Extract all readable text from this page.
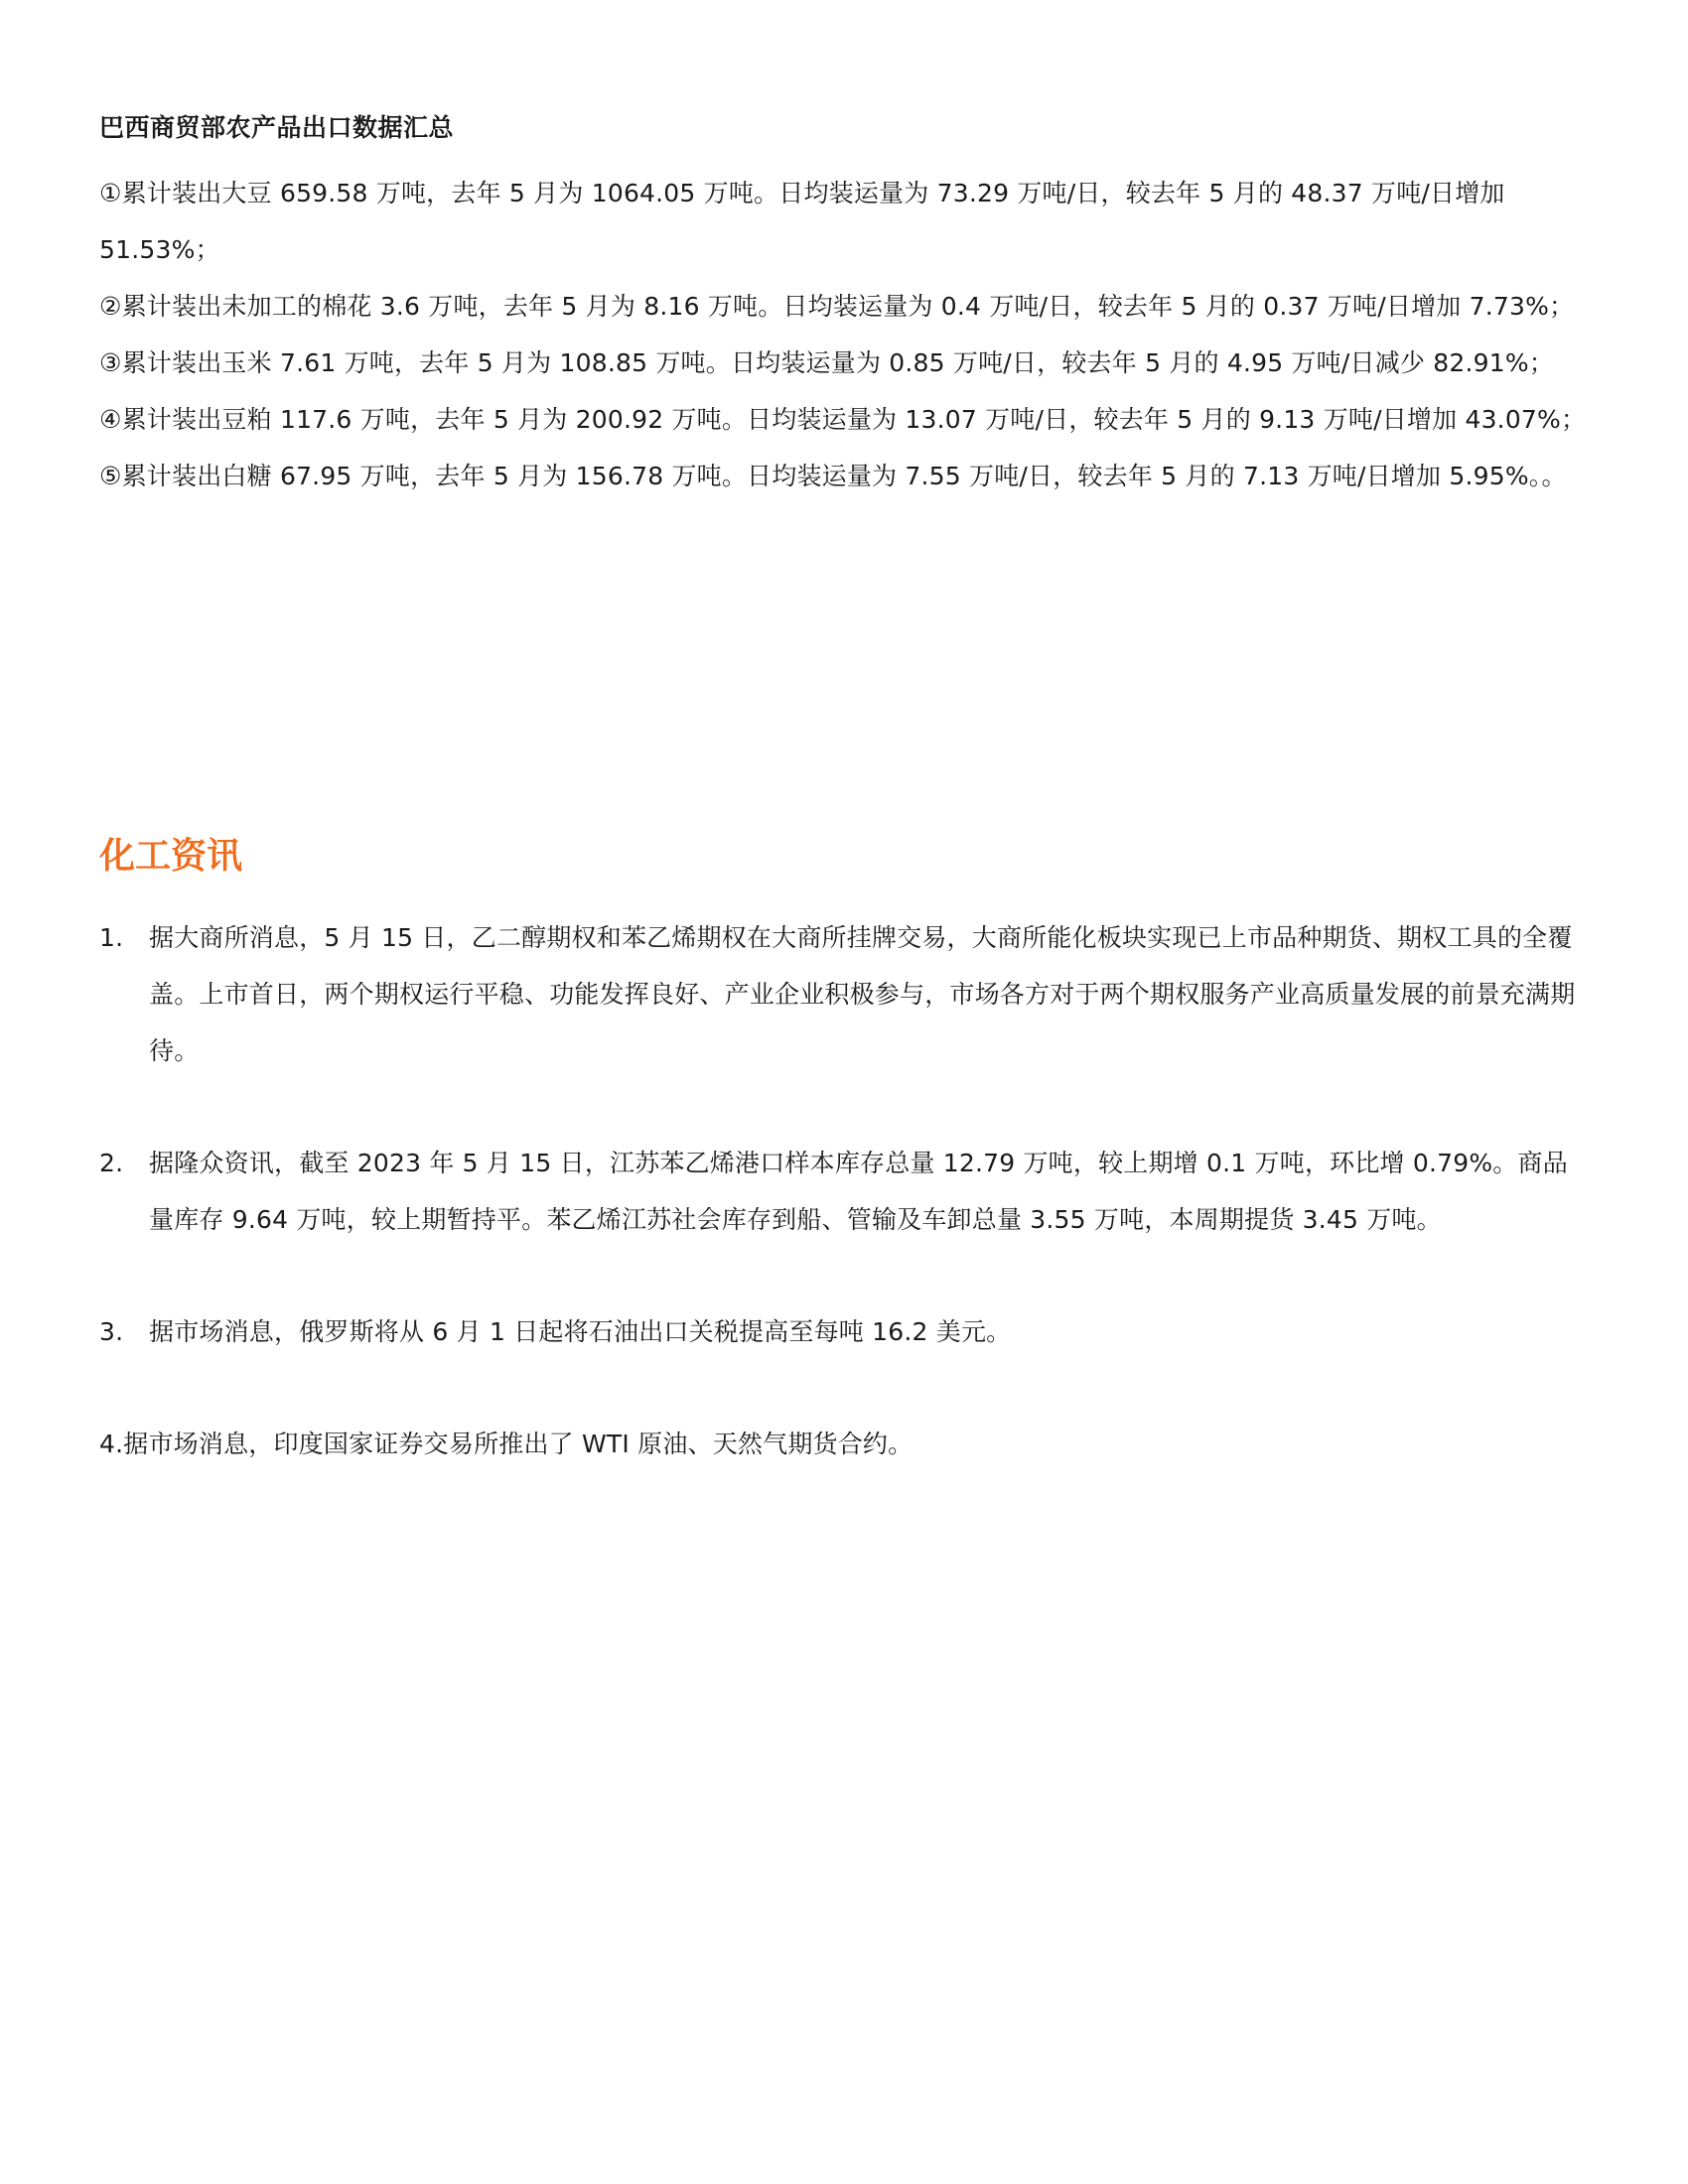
巴西商贸部农产品出口数据汇总

①累计装出大豆 659.58 万吨，去年 5 月为 1064.05 万吨。日均装运量为 73.29 万吨/日，较去年 5 月的 48.37 万吨/日增加 51.53%；

②累计装出未加工的棉花 3.6 万吨，去年 5 月为 8.16 万吨。日均装运量为 0.4 万吨/日，较去年 5 月的 0.37 万吨/日增加 7.73%；

③累计装出玉米 7.61 万吨，去年 5 月为 108.85 万吨。日均装运量为 0.85 万吨/日，较去年 5 月的 4.95 万吨/日减少 82.91%；

④累计装出豆粕 117.6 万吨，去年 5 月为 200.92 万吨。日均装运量为 13.07 万吨/日，较去年 5 月的 9.13 万吨/日增加 43.07%；

⑤累计装出白糖 67.95 万吨，去年 5 月为 156.78 万吨。日均装运量为 7.55 万吨/日，较去年 5 月的 7.13 万吨/日增加 5.95%。。

化工资讯
1.	据大商所消息，5 月 15 日，乙二醇期权和苯乙烯期权在大商所挂牌交易，大商所能化板块实现已上市品种期货、期权工具的全覆盖。上市首日，两个期权运行平稳、功能发挥良好、产业企业积极参与，市场各方对于两个期权服务产业高质量发展的前景充满期待。
2.	据隆众资讯，截至 2023 年 5 月 15 日，江苏苯乙烯港口样本库存总量 12.79 万吨，较上期增 0.1 万吨，环比增 0.79%。商品量库存 9.64 万吨，较上期暂持平。苯乙烯江苏社会库存到船、管输及车卸总量 3.55 万吨，本周期提货 3.45 万吨。
3.	据市场消息，俄罗斯将从 6 月 1 日起将石油出口关税提高至每吨 16.2 美元。
4.据市场消息，印度国家证券交易所推出了 WTI 原油、天然气期货合约。
